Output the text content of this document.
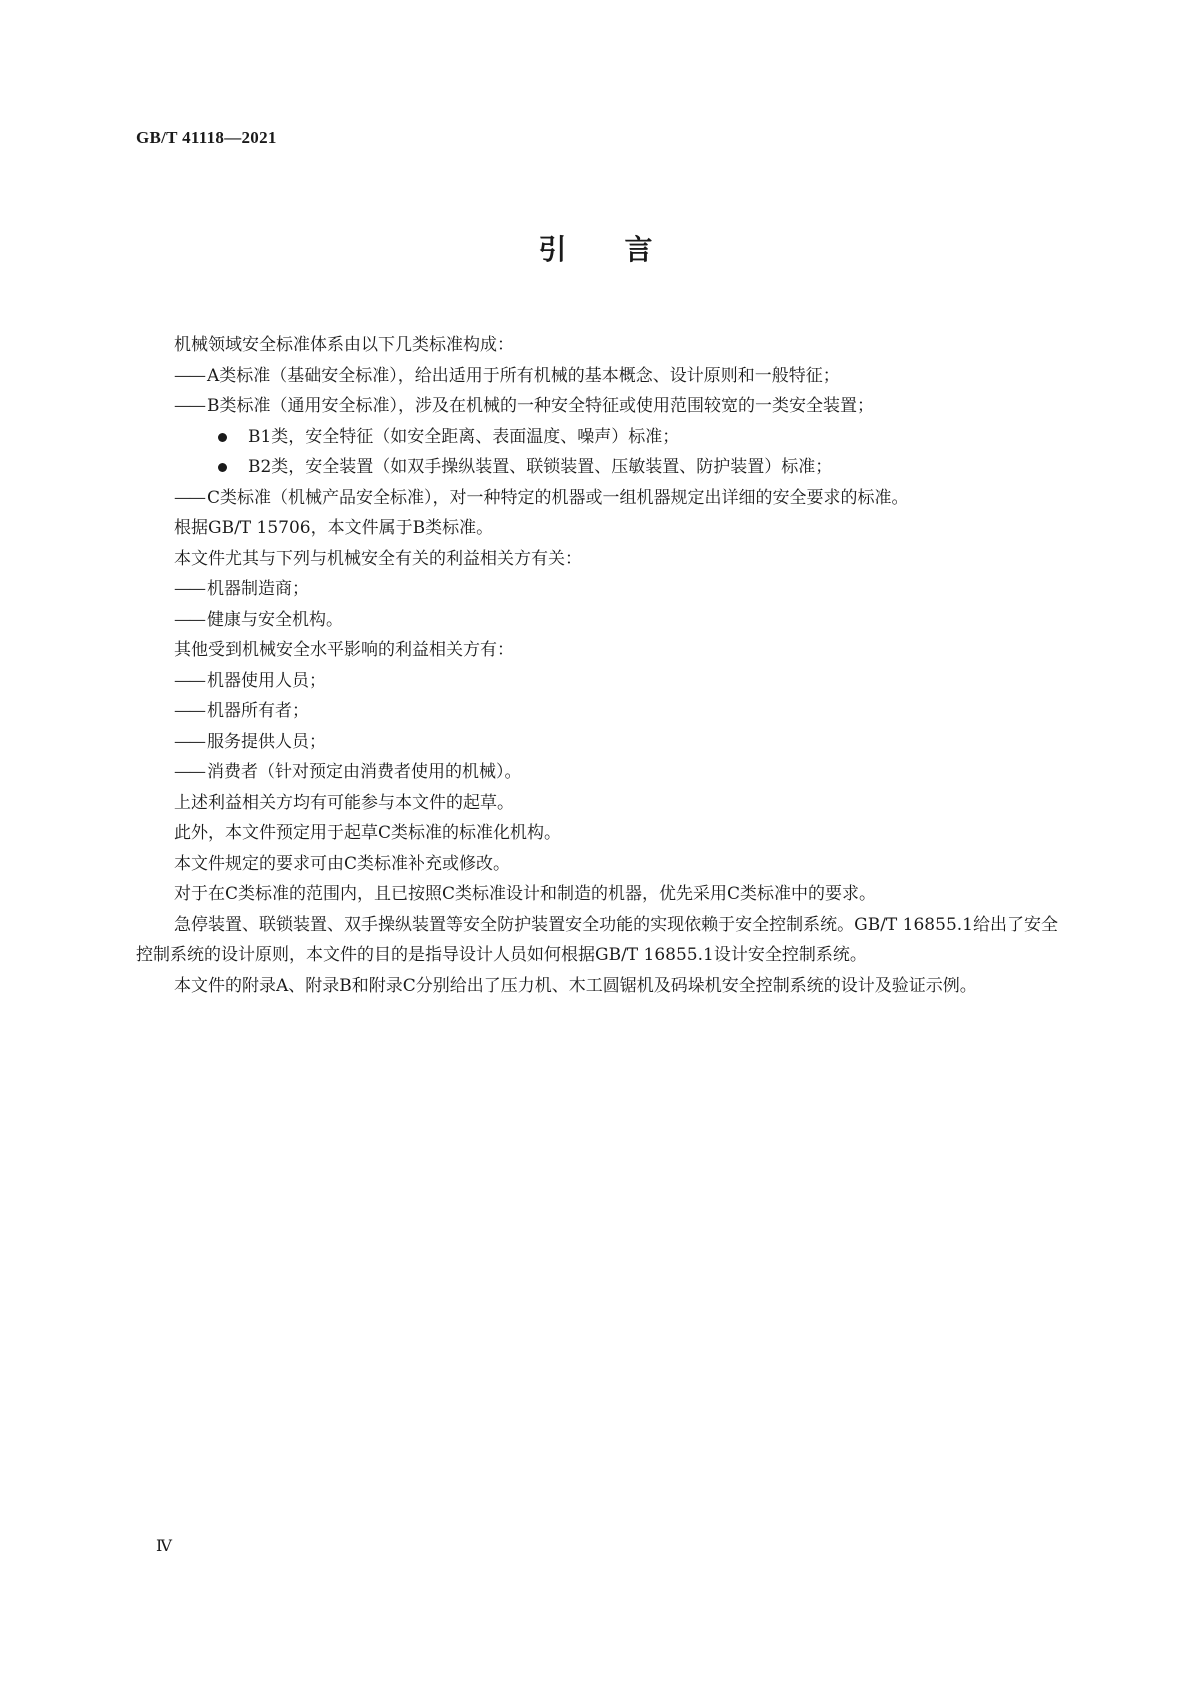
GB/T 41118—2021

引言

机械领域安全标准体系由以下几类标准构成：

—— A类标准（基础安全标准），给出适用于所有机械的基本概念、设计原则和一般特征；

—— B类标准（通用安全标准），涉及在机械的一种安全特征或使用范围较宽的一类安全装置；

B1类，安全特征（如安全距离、表面温度、噪声）标准；

B2类，安全装置（如双手操纵装置、联锁装置、压敏装置、防护装置）标准；

—— C类标准（机械产品安全标准），对一种特定的机器或一组机器规定出详细的安全要求的标准。

根据GB/T 15706，本文件属于B类标准。

本文件尤其与下列与机械安全有关的利益相关方有关：

—— 机器制造商；

—— 健康与安全机构。

其他受到机械安全水平影响的利益相关方有：

—— 机器使用人员；

—— 机器所有者；

—— 服务提供人员；

—— 消费者（针对预定由消费者使用的机械）。

上述利益相关方均有可能参与本文件的起草。

此外，本文件预定用于起草C类标准的标准化机构。

本文件规定的要求可由C类标准补充或修改。

对于在C类标准的范围内，且已按照C类标准设计和制造的机器，优先采用C类标准中的要求。

急停装置、联锁装置、双手操纵装置等安全防护装置安全功能的实现依赖于安全控制系统。GB/T 16855.1给出了安全控制系统的设计原则，本文件的目的是指导设计人员如何根据GB/T 16855.1设计安全控制系统。

本文件的附录A、附录B和附录C分别给出了压力机、木工圆锯机及码垛机安全控制系统的设计及验证示例。

Ⅳ
